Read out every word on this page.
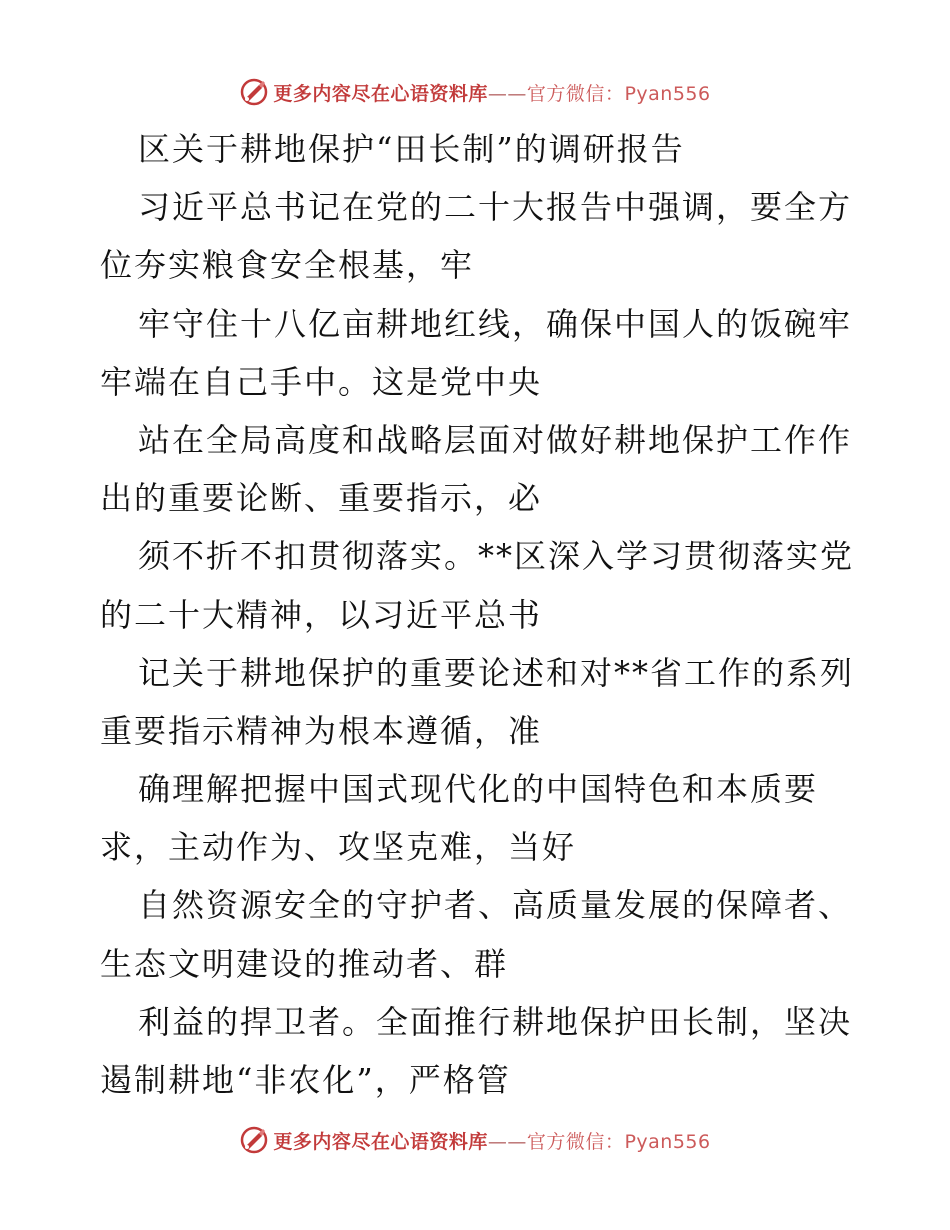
更多内容尽在心语资料库——官方微信：Pyan556
区关于耕地保护“田长制”的调研报告
习近平总书记在党的二十大报告中强调，要全方
位夯实粮食安全根基，牢
牢守住十八亿亩耕地红线，确保中国人的饭碗牢
牢端在自己手中。这是党中央
站在全局高度和战略层面对做好耕地保护工作作
出的重要论断、重要指示，必
须不折不扣贯彻落实。**区深入学习贯彻落实党
的二十大精神，以习近平总书
记关于耕地保护的重要论述和对**省工作的系列
重要指示精神为根本遵循，准
确理解把握中国式现代化的中国特色和本质要
求，主动作为、攻坚克难，当好
自然资源安全的守护者、高质量发展的保障者、
生态文明建设的推动者、群
利益的捍卫者。全面推行耕地保护田长制，坚决
遏制耕地“非农化”，严格管
更多内容尽在心语资料库——官方微信：Pyan556
